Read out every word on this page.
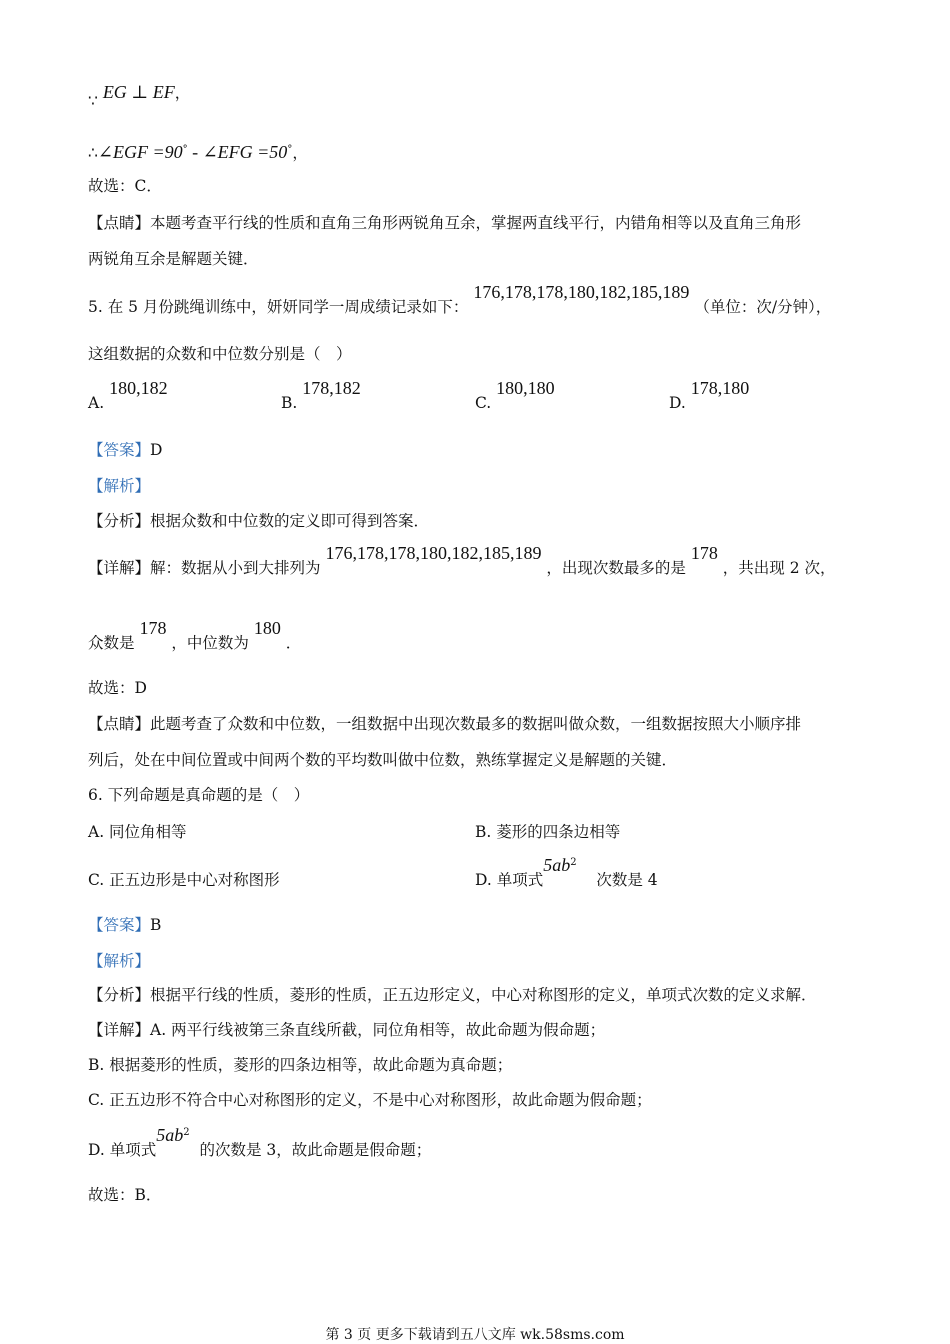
∵ EG ⊥ EF，
∴∠EGF =90° - ∠EFG =50°，
故选：C．
【点睛】本题考查平行线的性质和直角三角形两锐角互余，掌握两直线平行，内错角相等以及直角三角形
两锐角互余是解题关键．
5. 在 5 月份跳绳训练中，妍妍同学一周成绩记录如下： 176,178,178,180,182,185,189 （单位：次/分钟），
这组数据的众数和中位数分别是（　）
A. 180,182
B. 178,182
C. 180,180
D. 178,180
【答案】D
【解析】
【分析】根据众数和中位数的定义即可得到答案．
【详解】解：数据从小到大排列为 176,178,178,180,182,185,189 ，出现次数最多的是 178 ，共出现 2 次，
众数是 178 ，中位数为 180 ．
故选：D
【点睛】此题考查了众数和中位数，一组数据中出现次数最多的数据叫做众数，一组数据按照大小顺序排
列后，处在中间位置或中间两个数的平均数叫做中位数，熟练掌握定义是解题的关键．
6. 下列命题是真命题的是（　）
A. 同位角相等	B. 菱形的四条边相等
C. 正五边形是中心对称图形	D. 单项式$5ab^2$    次数是 4
【答案】B
【解析】
【分析】根据平行线的性质，菱形的性质，正五边形定义，中心对称图形的定义，单项式次数的定义求解．
【详解】A. 两平行线被第三条直线所截，同位角相等，故此命题为假命题；
B. 根据菱形的性质，菱形的四条边相等，故此命题为真命题；
C. 正五边形不符合中心对称图形的定义，不是中心对称图形，故此命题为假命题；
D. 单项式$5ab^2$  的次数是 3，故此命题是假命题；
故选：B．
第 3 页 更多下载请到五八文库 wk.58sms.com
